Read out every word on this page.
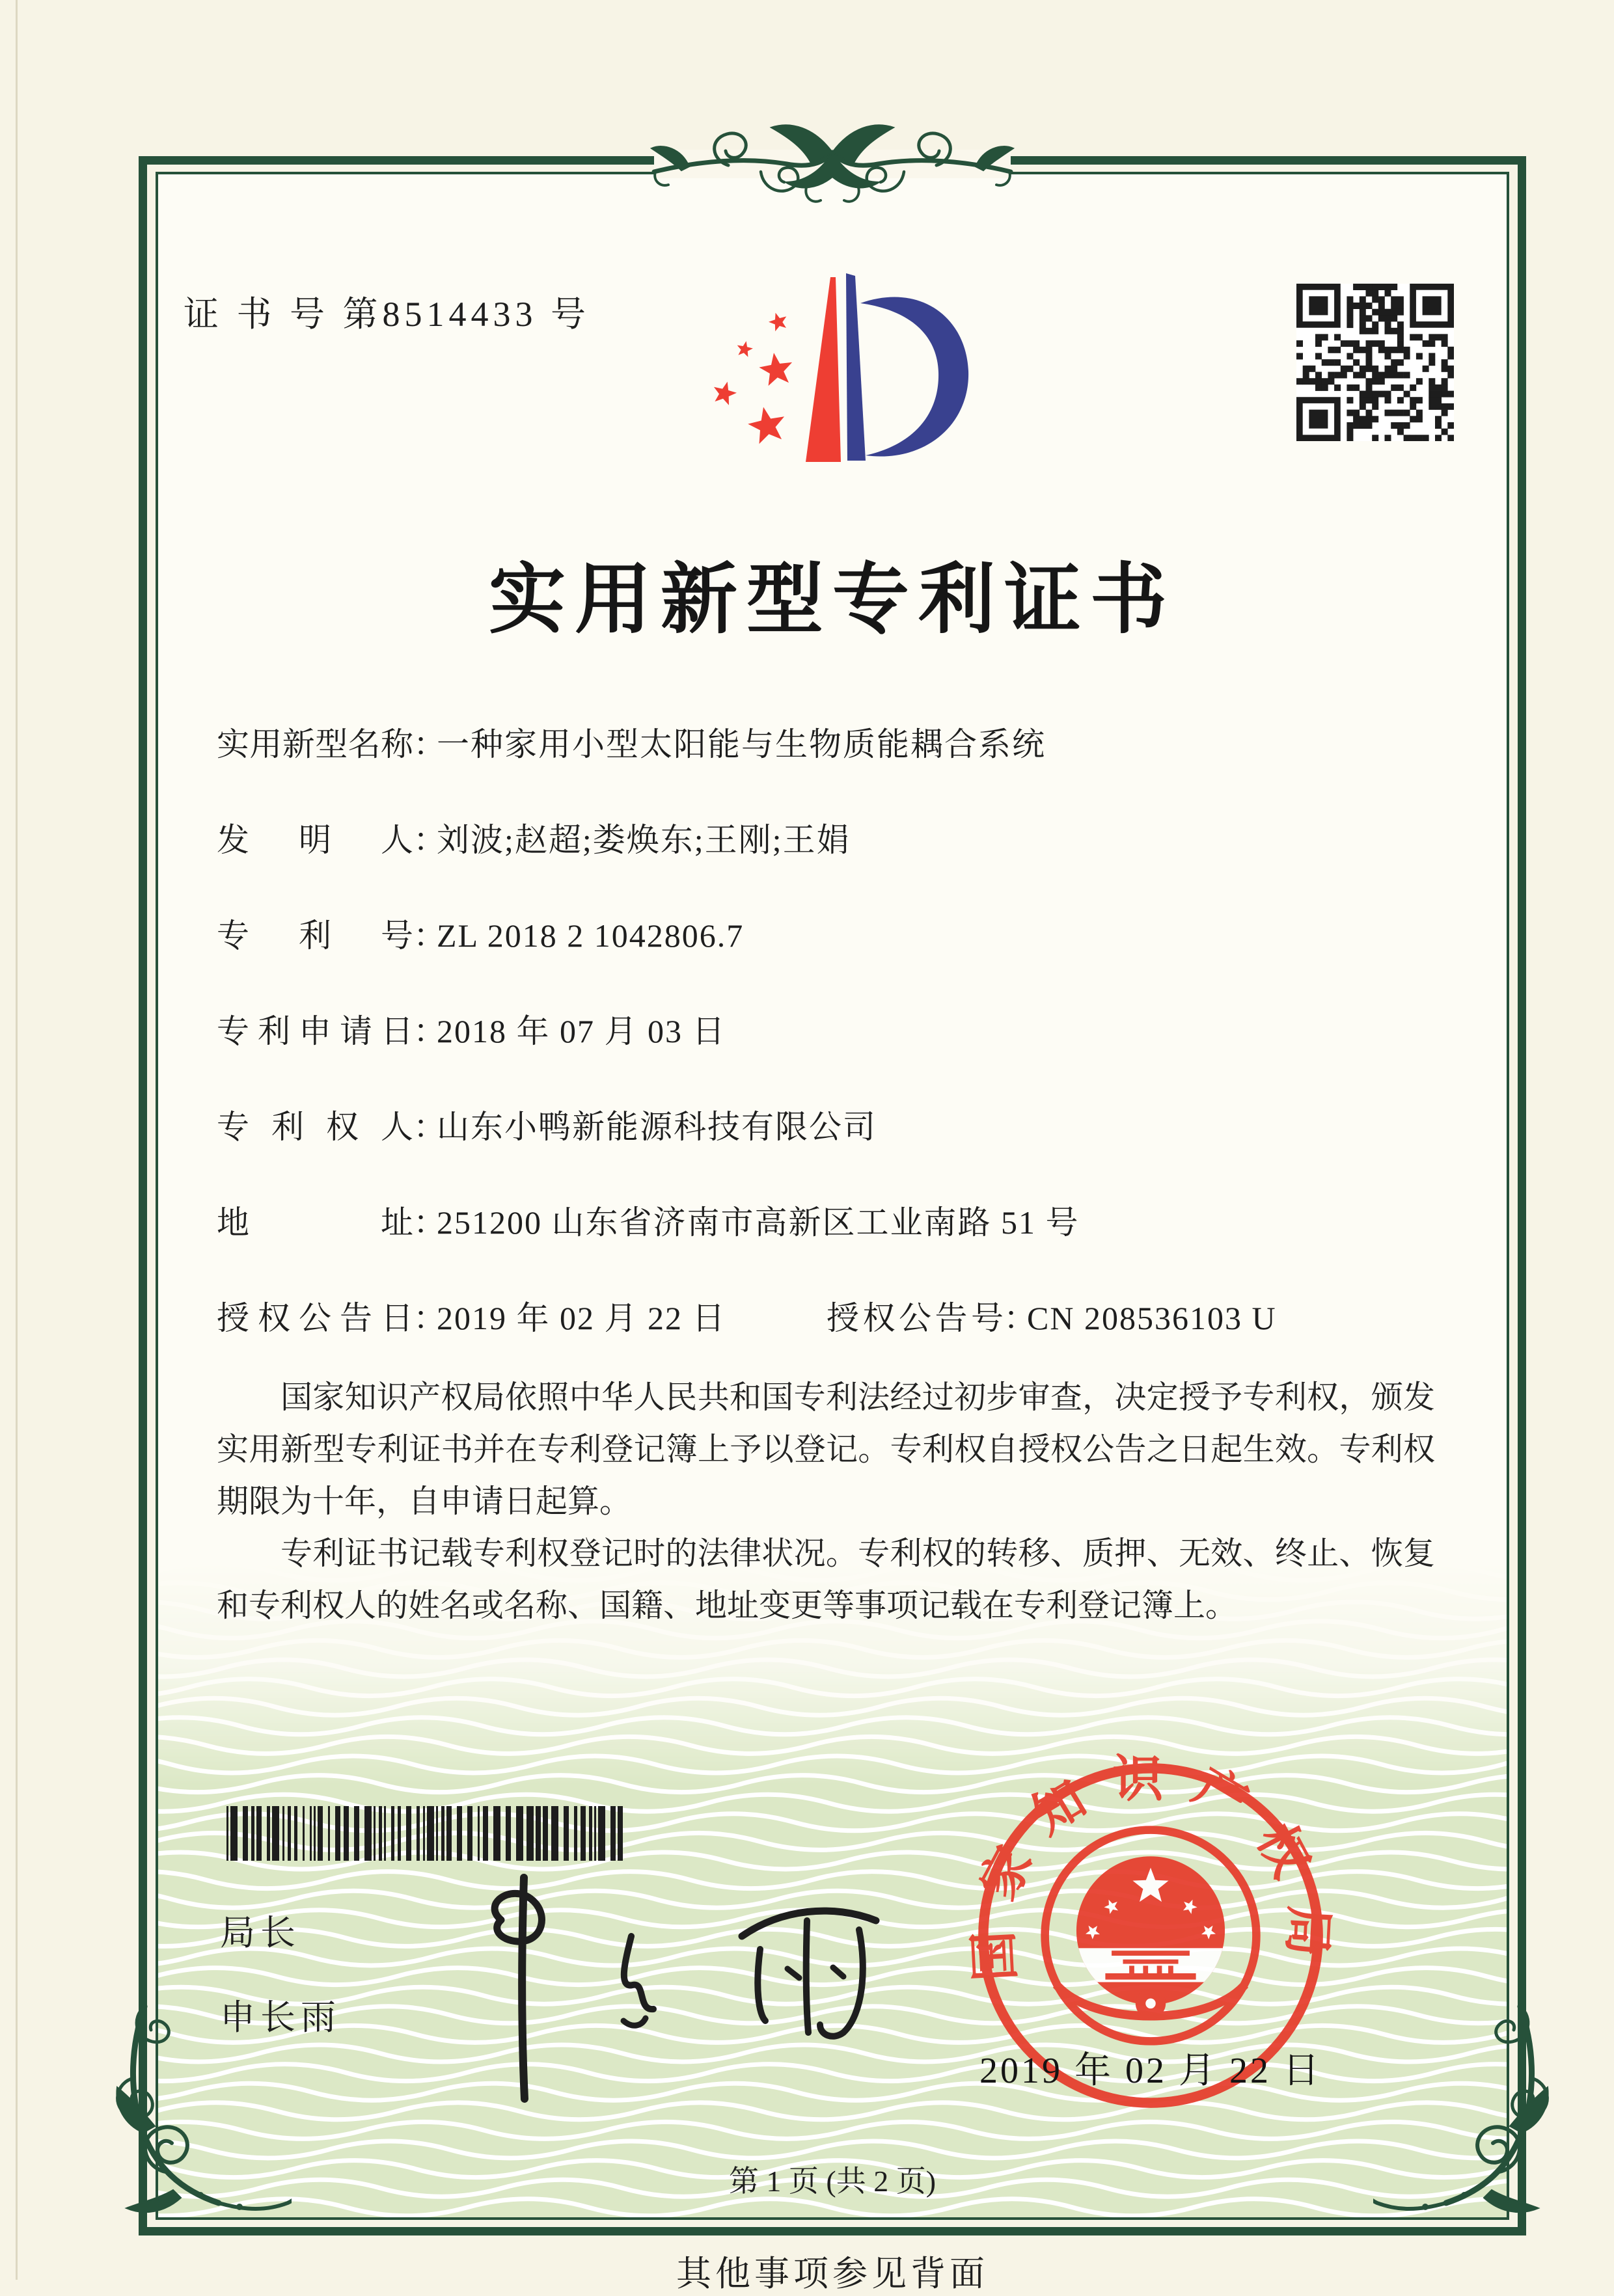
证 书 号 第8514433 号
实用新型专利证书
实用新型名称：一种家用小型太阳能与生物质能耦合系统
发明人：刘波;赵超;娄焕东;王刚;王娟
专利号：ZL 2018 2 1042806.7
专利申请日：2018 年 07 月 03 日
专利权人：山东小鸭新能源科技有限公司
地址：251200 山东省济南市高新区工业南路 51 号
授权公告日：2019 年 02 月 22 日	授权公告号：CN 208536103 U

国家知识产权局依照中华人民共和国专利法经过初步审查，决定授予专利权，颁发实用新型专利证书并在专利登记簿上予以登记。专利权自授权公告之日起生效。专利权期限为十年，自申请日起算。

专利证书记载专利权登记时的法律状况。专利权的转移、质押、无效、终止、恢复和专利权人的姓名或名称、国籍、地址变更等事项记载在专利登记簿上。

局长
申长雨
国家知识产权局
2019 年 02 月 22 日
第 1 页 (共 2 页)
其他事项参见背面
